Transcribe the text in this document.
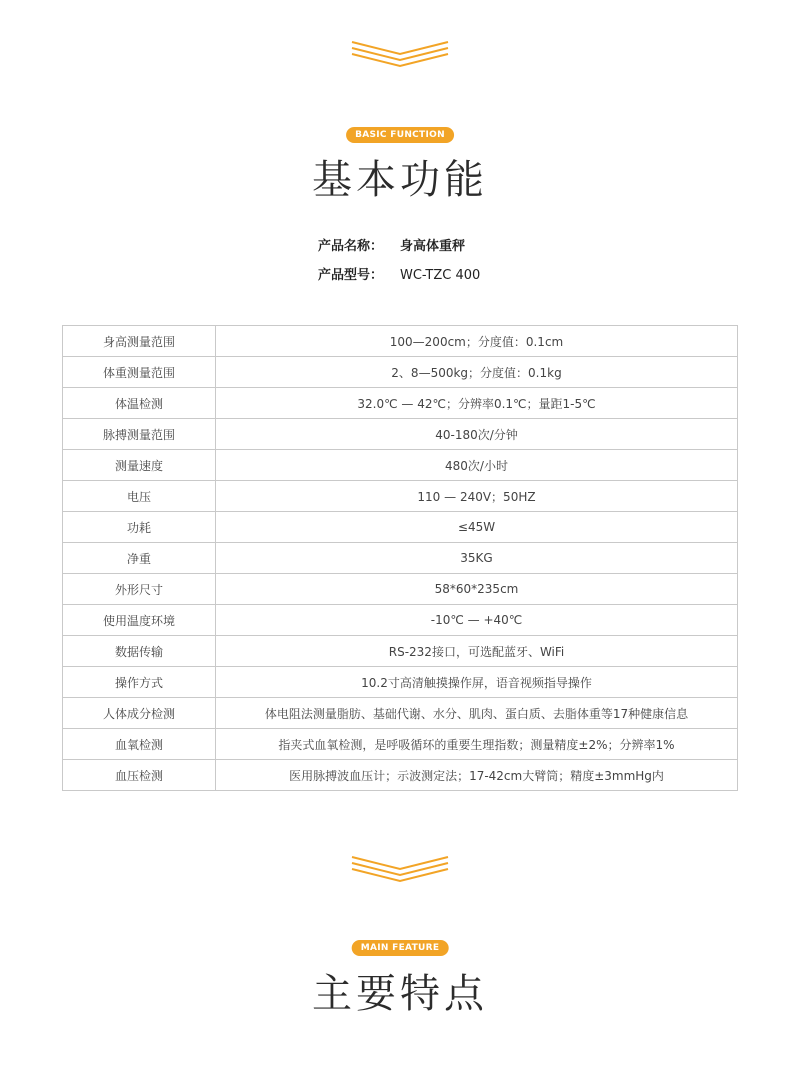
BASIC FUNCTION
基本功能
产品名称： 身高体重秤
产品型号： WC-TZC 400
身高测量范围	100—200cm；分度值：0.1cm
体重测量范围	2、8—500kg；分度值：0.1kg
体温检测	32.0℃ — 42℃；分辨率0.1℃；量距1-5℃
脉搏测量范围	40-180次/分钟
测量速度	480次/小时
电压	110 — 240V；50HZ
功耗	≤45W
净重	35KG
外形尺寸	58*60*235cm
使用温度环境	-10℃ — +40℃
数据传输	RS-232接口，可选配蓝牙、WiFi
操作方式	10.2寸高清触摸操作屏，语音视频指导操作
人体成分检测	体电阻法测量脂肪、基础代谢、水分、肌肉、蛋白质、去脂体重等17种健康信息
血氧检测	指夹式血氧检测，是呼吸循环的重要生理指数；测量精度±2%；分辨率1%
血压检测	医用脉搏波血压计；示波测定法；17-42cm大臂筒；精度±3mmHg内
MAIN FEATURE
主要特点
